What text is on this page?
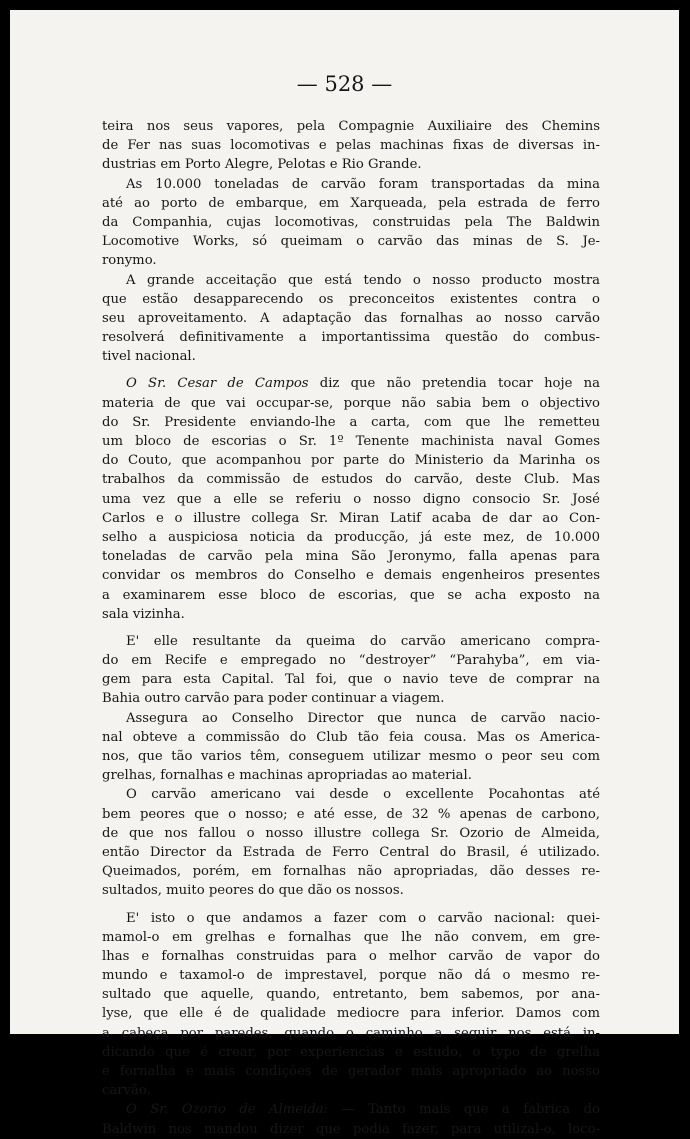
— 528 —
teira nos seus vapores, pela Compagnie Auxiliaire des Chemins
de Fer nas suas locomotivas e pelas machinas fixas de diversas in-
dustrias em Porto Alegre, Pelotas e Rio Grande.
As 10.000 toneladas de carvão foram transportadas da mina
até ao porto de embarque, em Xarqueada, pela estrada de ferro
da Companhia, cujas locomotivas, construidas pela The Baldwin
Locomotive Works, só queimam o carvão das minas de S. Je-
ronymo.
A grande acceitação que está tendo o nosso producto mostra
que estão desapparecendo os preconceitos existentes contra o
seu aproveitamento. A adaptação das fornalhas ao nosso carvão
resolverá definitivamente a importantissima questão do combus-
tivel nacional.
O Sr. Cesar de Campos diz que não pretendia tocar hoje na
materia de que vai occupar-se, porque não sabia bem o objectivo
do Sr. Presidente enviando-lhe a carta, com que lhe remetteu
um bloco de escorias o Sr. 1º Tenente machinista naval Gomes
do Couto, que acompanhou por parte do Ministerio da Marinha os
trabalhos da commissão de estudos do carvão, deste Club. Mas
uma vez que a elle se referiu o nosso digno consocio Sr. José
Carlos e o illustre collega Sr. Miran Latif acaba de dar ao Con-
selho a auspiciosa noticia da producção, já este mez, de 10.000
toneladas de carvão pela mina São Jeronymo, falla apenas para
convidar os membros do Conselho e demais engenheiros presentes
a examinarem esse bloco de escorias, que se acha exposto na
sala vizinha.
E' elle resultante da queima do carvão americano compra-
do em Recife e empregado no “destroyer” “Parahyba”, em via-
gem para esta Capital. Tal foi, que o navio teve de comprar na
Bahia outro carvão para poder continuar a viagem.
Assegura ao Conselho Director que nunca de carvão nacio-
nal obteve a commissão do Club tão feia cousa. Mas os America-
nos, que tão varios têm, conseguem utilizar mesmo o peor seu com
grelhas, fornalhas e machinas apropriadas ao material.
O carvão americano vai desde o excellente Pocahontas até
bem peores que o nosso; e até esse, de 32 % apenas de carbono,
de que nos fallou o nosso illustre collega Sr. Ozorio de Almeida,
então Director da Estrada de Ferro Central do Brasil, é utilizado.
Queimados, porém, em fornalhas não apropriadas, dão desses re-
sultados, muito peores do que dão os nossos.
E' isto o que andamos a fazer com o carvão nacional: quei-
mamol-o em grelhas e fornalhas que lhe não convem, em gre-
lhas e fornalhas construidas para o melhor carvão de vapor do
mundo e taxamol-o de imprestavel, porque não dá o mesmo re-
sultado que aquelle, quando, entretanto, bem sabemos, por ana-
lyse, que elle é de qualidade mediocre para inferior. Damos com
a cabeça por paredes, quando o caminho a seguir nos está in-
dicando que é crear, por experiencias e estudo, o typo de grelha
e fornalha e mais condições de gerador mais apropriado ao nosso
carvão.
O Sr. Ozorio de Almeida: — Tanto mais que a fabrica do
Baldwin nos mandou dizer que podia fazer, para utilizal-o, loco-
